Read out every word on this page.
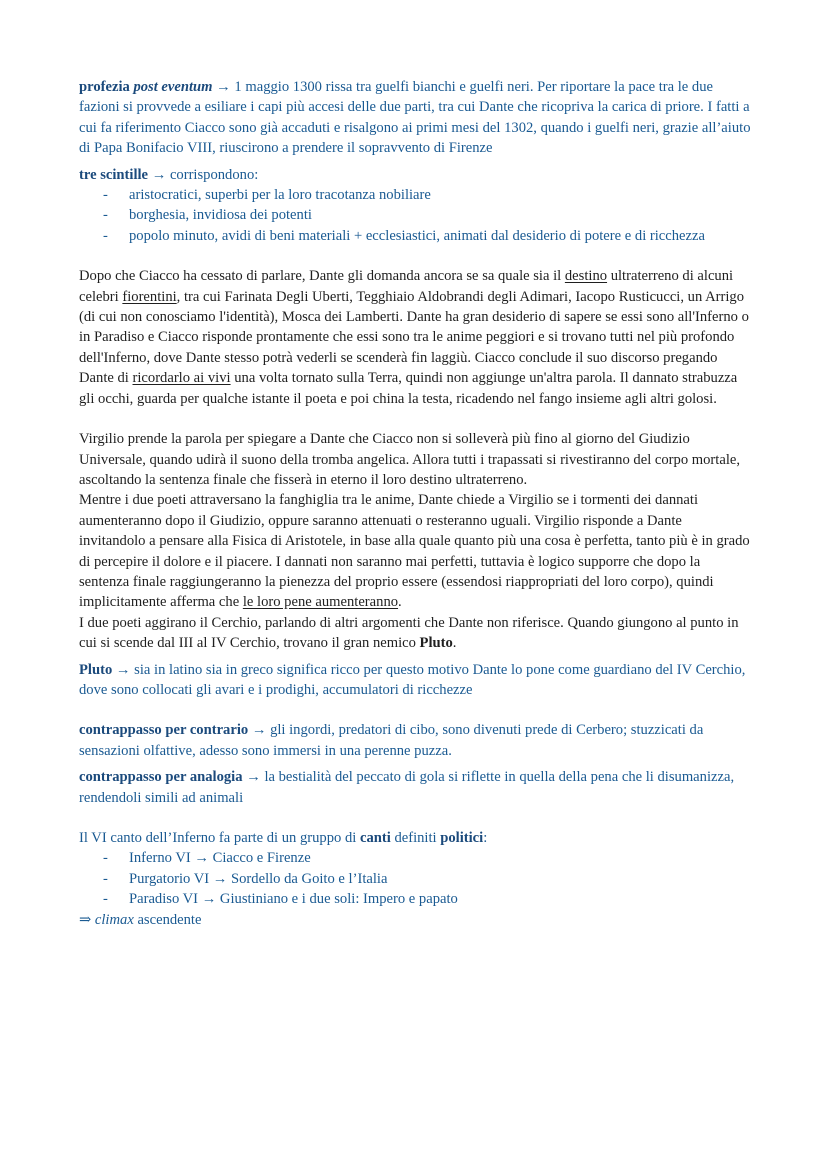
profezia post eventum → 1 maggio 1300 rissa tra guelfi bianchi e guelfi neri. Per riportare la pace tra le due fazioni si provvede a esiliare i capi più accesi delle due parti, tra cui Dante che ricopriva la carica di priore. I fatti a cui fa riferimento Ciacco sono già accaduti e risalgono ai primi mesi del 1302, quando i guelfi neri, grazie all’aiuto di Papa Bonifacio VIII, riuscirono a prendere il sopravvento di Firenze

tre scintille → corrispondono:

- aristocratici, superbi per la loro tracotanza nobiliare
- borghesia, invidiosa dei potenti
- popolo minuto, avidi di beni materiali + ecclesiastici, animati dal desiderio di potere e di ricchezza

Dopo che Ciacco ha cessato di parlare, Dante gli domanda ancora se sa quale sia il destino ultraterreno di alcuni celebri fiorentini, tra cui Farinata Degli Uberti, Tegghiaio Aldobrandi degli Adimari, Iacopo Rusticucci, un Arrigo (di cui non conosciamo l'identità), Mosca dei Lamberti. Dante ha gran desiderio di sapere se essi sono all'Inferno o in Paradiso e Ciacco risponde prontamente che essi sono tra le anime peggiori e si trovano tutti nel più profondo dell'Inferno, dove Dante stesso potrà vederli se scenderà fin laggiù. Ciacco conclude il suo discorso pregando Dante di ricordarlo ai vivi una volta tornato sulla Terra, quindi non aggiunge un'altra parola. Il dannato strabuzza gli occhi, guarda per qualche istante il poeta e poi china la testa, ricadendo nel fango insieme agli altri golosi.

Virgilio prende la parola per spiegare a Dante che Ciacco non si solleverà più fino al giorno del Giudizio Universale, quando udirà il suono della tromba angelica. Allora tutti i trapassati si rivestiranno del corpo mortale, ascoltando la sentenza finale che fisserà in eterno il loro destino ultraterreno.

Mentre i due poeti attraversano la fanghiglia tra le anime, Dante chiede a Virgilio se i tormenti dei dannati aumenteranno dopo il Giudizio, oppure saranno attenuati o resteranno uguali. Virgilio risponde a Dante invitandolo a pensare alla Fisica di Aristotele, in base alla quale quanto più una cosa è perfetta, tanto più è in grado di percepire il dolore e il piacere. I dannati non saranno mai perfetti, tuttavia è logico supporre che dopo la sentenza finale raggiungeranno la pienezza del proprio essere (essendosi riappropriati del loro corpo), quindi implicitamente afferma che le loro pene aumenteranno.

I due poeti aggirano il Cerchio, parlando di altri argomenti che Dante non riferisce. Quando giungono al punto in cui si scende dal III al IV Cerchio, trovano il gran nemico Pluto.

Pluto → sia in latino sia in greco significa ricco per questo motivo Dante lo pone come guardiano del IV Cerchio, dove sono collocati gli avari e i prodighi, accumulatori di ricchezze

contrappasso per contrario → gli ingordi, predatori di cibo, sono divenuti prede di Cerbero; stuzzicati da sensazioni olfattive, adesso sono immersi in una perenne puzza.

contrappasso per analogia → la bestialità del peccato di gola si riflette in quella della pena che li disumanizza, rendendoli simili ad animali

Il VI canto dell’Inferno fa parte di un gruppo di canti definiti politici:

- Inferno VI → Ciacco e Firenze
- Purgatorio VI → Sordello da Goito e l’Italia
- Paradiso VI → Giustiniano e i due soli: Impero e papato

⇒ climax ascendente
